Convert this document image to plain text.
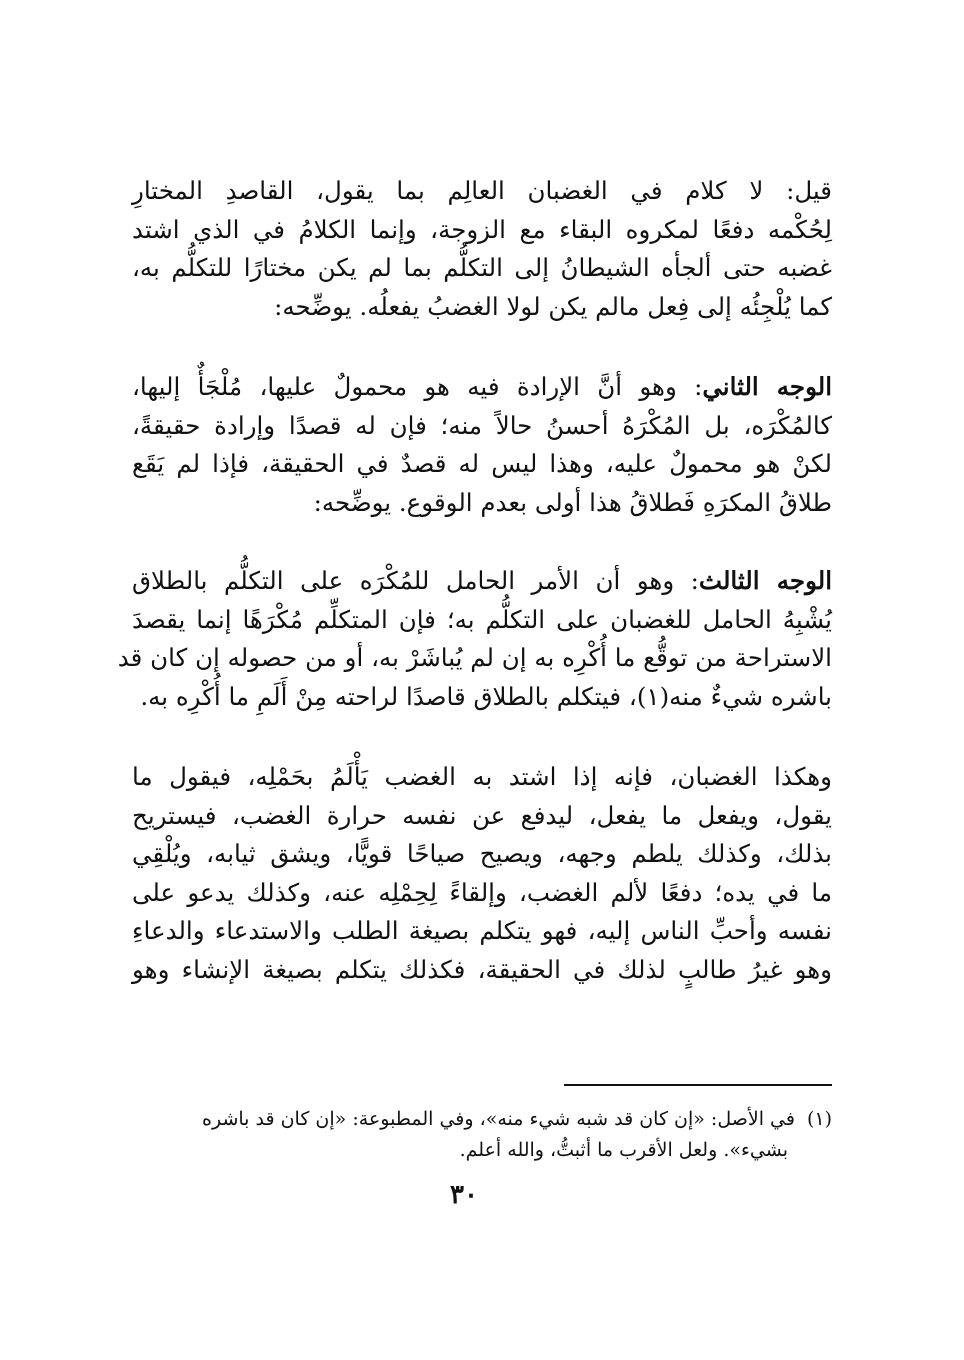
قيل: لا كلام في الغضبان العالِم بما يقول، القاصدِ المختارِ
لِحُكْمه دفعًا لمكروه البقاء مع الزوجة، وإنما الكلامُ في الذي اشتد
غضبه حتى ألجأه الشيطانُ إلى التكلُّم بما لم يكن مختارًا للتكلُّم به،
كما يُلْجِئُه إلى فِعل مالم يكن لولا الغضبُ يفعلُه. يوضِّحه:
الوجه الثاني: وهو أنَّ الإرادة فيه هو محمولٌ عليها، مُلْجَأٌ إليها،
كالمُكْرَه، بل المُكْرَهُ أحسنُ حالاً منه؛ فإن له قصدًا وإرادة حقيقةً،
لكنْ هو محمولٌ عليه، وهذا ليس له قصدٌ في الحقيقة، فإذا لم يَقَع
طلاقُ المكرَهِ فَطلاقُ هذا أولى بعدم الوقوع. يوضِّحه:
الوجه الثالث: وهو أن الأمر الحامل للمُكْرَه على التكلُّم بالطلاق
يُشْبِهُ الحامل للغضبان على التكلُّم به؛ فإن المتكلِّم مُكْرَهًا إنما يقصدَ
الاستراحة من توقُّع ما أُكْرِه به إن لم يُباشَرْ به، أو من حصوله إن كان قد
باشره شيءٌ منه(١)، فيتكلم بالطلاق قاصدًا لراحته مِنْ أَلَمِ ما أُكْرِه به.
وهكذا الغضبان، فإنه إذا اشتد به الغضب يَأْلَمُ بحَمْلِه، فيقول ما
يقول، ويفعل ما يفعل، ليدفع عن نفسه حرارة الغضب، فيستريح
بذلك، وكذلك يلطم وجهه، ويصيح صياحًا قويًّا، ويشق ثيابه، ويُلْقِي
ما في يده؛ دفعًا لألم الغضب، وإلقاءً لِحِمْلِه عنه، وكذلك يدعو على
نفسه وأحبِّ الناس إليه، فهو يتكلم بصيغة الطلب والاستدعاء والدعاءِ
وهو غيرُ طالبٍ لذلك في الحقيقة، فكذلك يتكلم بصيغة الإنشاء وهو
(١)في الأصل: «إن كان قد شبه شيء منه»، وفي المطبوعة: «إن كان قد باشره
بشيء». ولعل الأقرب ما أثبتُّ، والله أعلم.
٣٠
